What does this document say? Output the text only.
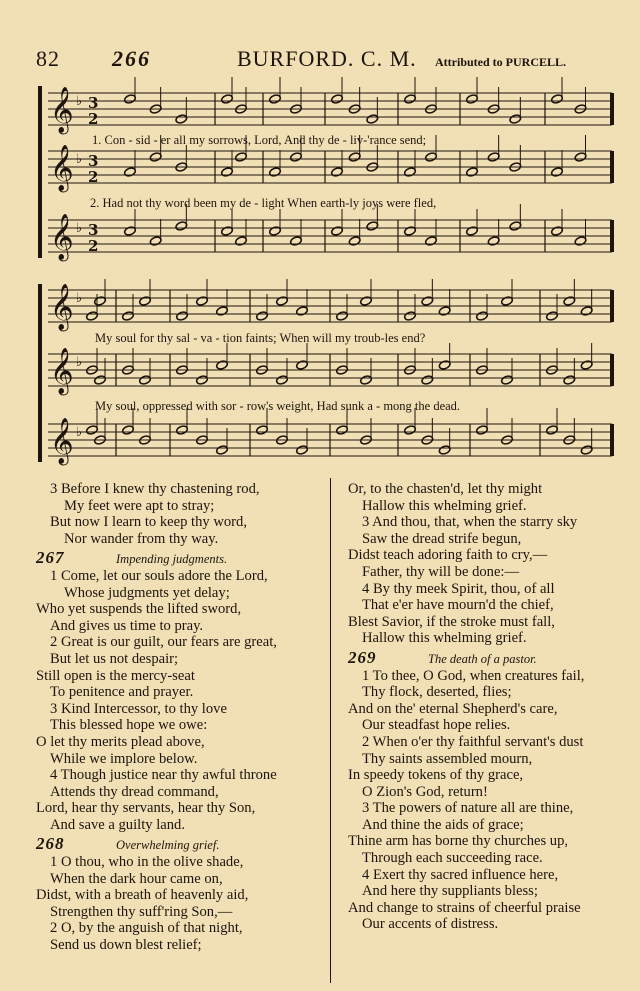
82 266	BURFORD. C. M. Attributed to PURCELL.
𝄞 3
2
♭
𝄞 3
2
♭
𝄞 3
2
♭
𝄞 ♭
𝄞 ♭
𝄞 ♭
1. Con - sid - er all my sorrows, Lord, And thy de - liv-'rance send;
2. Had not thy word been my de - light When earth-ly joys were fled,
My soul for thy sal - va - tion faints; When will my troub-les end?
My soul, oppressed with sor - row's weight, Had sunk a - mong the dead.
3 Before I knew thy chastening rod,
My feet were apt to stray;
But now I learn to keep thy word,
Nor wander from thy way.
267	Impending judgments.
1 Come, let our souls adore the Lord,
Whose judgments yet delay;
Who yet suspends the lifted sword,
And gives us time to pray.
2 Great is our guilt, our fears are great,
But let us not despair;
Still open is the mercy-seat
To penitence and prayer.
3 Kind Intercessor, to thy love
This blessed hope we owe:
O let thy merits plead above,
While we implore below.
4 Though justice near thy awful throne
Attends thy dread command,
Lord, hear thy servants, hear thy Son,
And save a guilty land.
268	Overwhelming grief.
1 O thou, who in the olive shade,
When the dark hour came on,
Didst, with a breath of heavenly aid,
Strengthen thy suff'ring Son,—
2 O, by the anguish of that night,
Send us down blest relief;
Or, to the chasten'd, let thy might
Hallow this whelming grief.
3 And thou, that, when the starry sky
Saw the dread strife begun,
Didst teach adoring faith to cry,—
Father, thy will be done:—
4 By thy meek Spirit, thou, of all
That e'er have mourn'd the chief,
Blest Savior, if the stroke must fall,
Hallow this whelming grief.
269	The death of a pastor.
1 To thee, O God, when creatures fail,
Thy flock, deserted, flies;
And on the' eternal Shepherd's care,
Our steadfast hope relies.
2 When o'er thy faithful servant's dust
Thy saints assembled mourn,
In speedy tokens of thy grace,
O Zion's God, return!
3 The powers of nature all are thine,
And thine the aids of grace;
Thine arm has borne thy churches up,
Through each succeeding race.
4 Exert thy sacred influence here,
And here thy suppliants bless;
And change to strains of cheerful praise
Our accents of distress.
